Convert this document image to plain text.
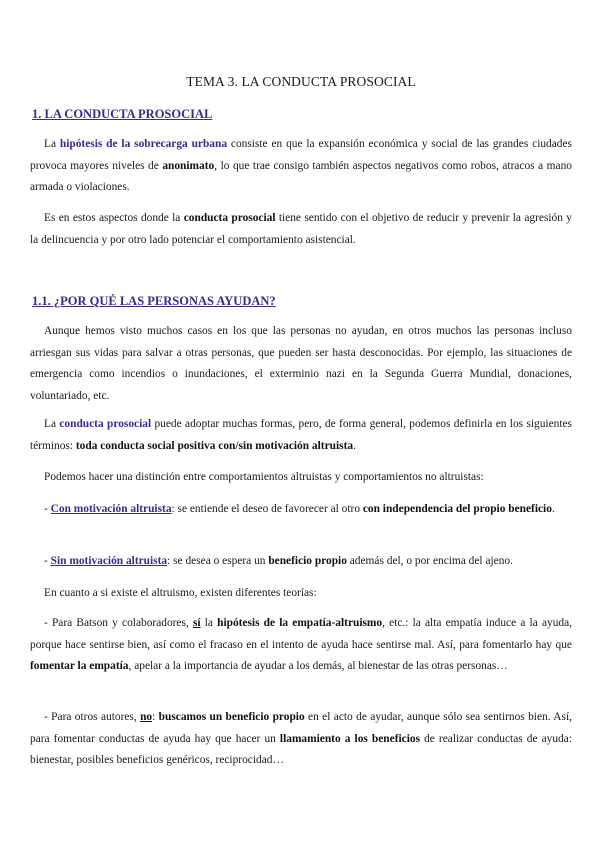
TEMA 3. LA CONDUCTA PROSOCIAL
1. LA CONDUCTA PROSOCIAL

La hipótesis de la sobrecarga urbana consiste en que la expansión económica y social de las grandes ciudades provoca mayores niveles de anonimato, lo que trae consigo también aspectos negativos como robos, atracos a mano armada o violaciones.

Es en estos aspectos donde la conducta prosocial tiene sentido con el objetivo de reducir y prevenir la agresión y la delincuencia y por otro lado potenciar el comportamiento asistencial.

1.1. ¿POR QUÉ LAS PERSONAS AYUDAN?

Aunque hemos visto muchos casos en los que las personas no ayudan, en otros muchos las personas incluso arriesgan sus vidas para salvar a otras personas, que pueden ser hasta desconocidas. Por ejemplo, las situaciones de emergencia como incendios o inundaciones, el exterminio nazi en la Segunda Guerra Mundial, donaciones, voluntariado, etc.

La conducta prosocial puede adoptar muchas formas, pero, de forma general, podemos definirla en los siguientes términos: toda conducta social positiva con/sin motivación altruista.

Podemos hacer una distinción entre comportamientos altruistas y comportamientos no altruistas:

- Con motivación altruista: se entiende el deseo de favorecer al otro con independencia del propio beneficio.

- Sin motivación altruista: se desea o espera un beneficio propio además del, o por encima del ajeno.

En cuanto a si existe el altruismo, existen diferentes teorías:

- Para Batson y colaboradores, sí la hipótesis de la empatía-altruismo, etc.: la alta empatía induce a la ayuda, porque hace sentirse bien, así como el fracaso en el intento de ayuda hace sentirse mal. Así, para fomentarlo hay que fomentar la empatía, apelar a la importancia de ayudar a los demás, al bienestar de las otras personas…

- Para otros autores, no: buscamos un beneficio propio en el acto de ayudar, aunque sólo sea sentirnos bien. Así, para fomentar conductas de ayuda hay que hacer un llamamiento a los beneficios de realizar conductas de ayuda: bienestar, posibles beneficios genéricos, reciprocidad…
